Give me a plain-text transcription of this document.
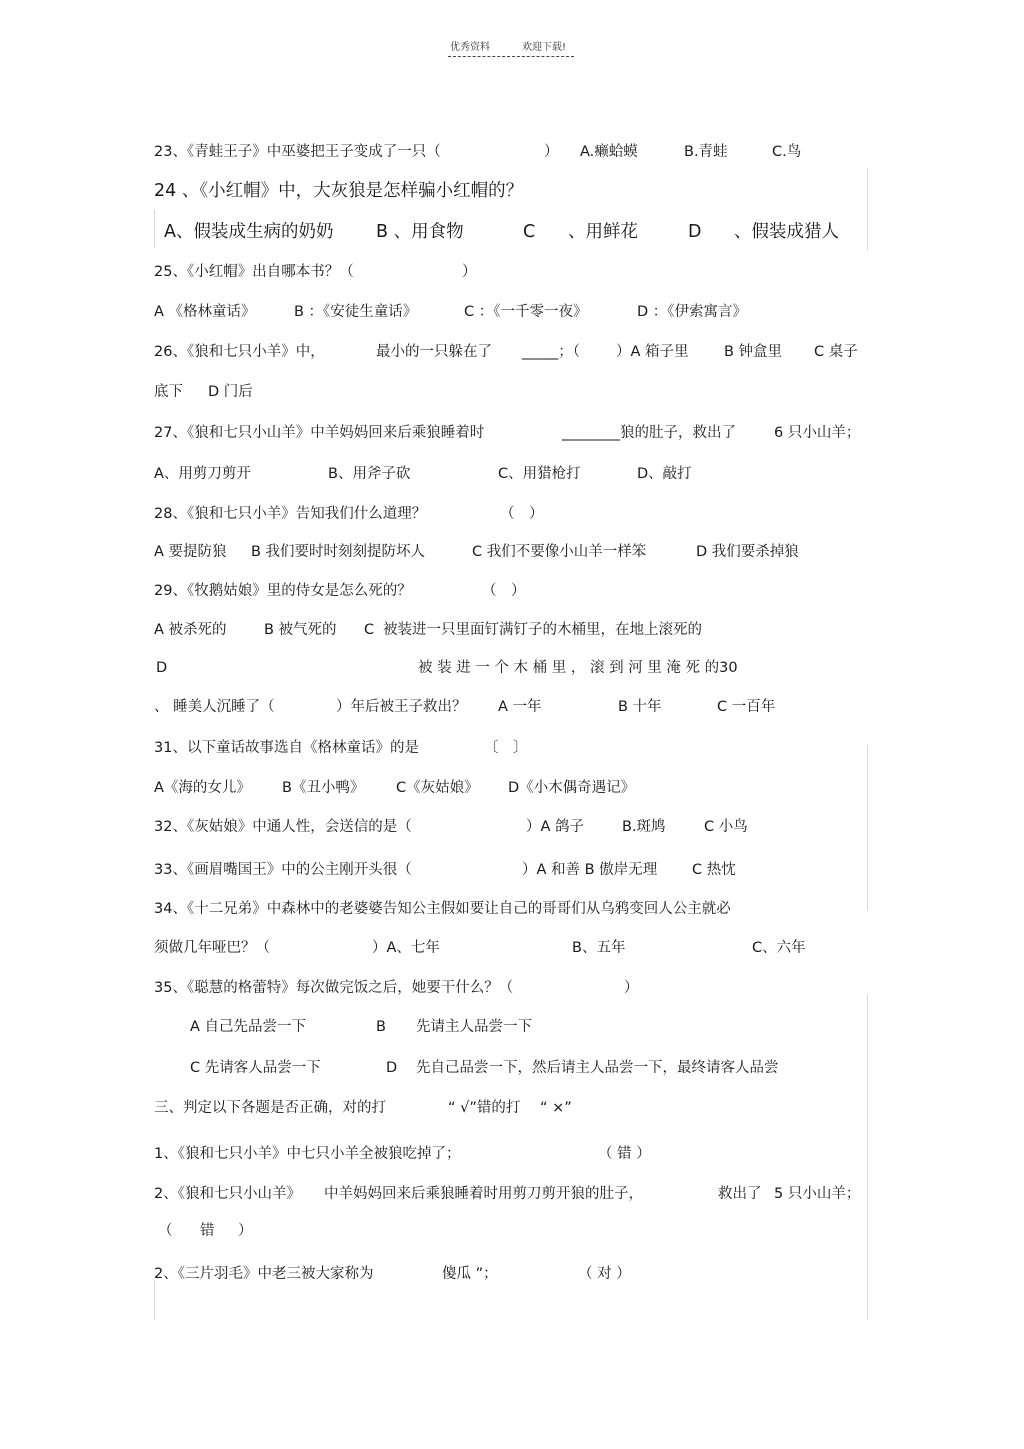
优秀资料	欢迎下载!
23、《青蛙王子》中巫婆把王子变成了一只（	） A.癞蛤蟆	B.青蛙	C.鸟
24 、《小红帽》中，大灰狼是怎样骗小红帽的？
A、假装成生病的奶奶 B 、用食物	C 、用鲜花	D 、假装成猎人
25、《小红帽》出自哪本书？（	）
A 《格林童话》	B ：《安徒生童话》	C ：《一千零一夜》	D ：《伊索寓言》
26、《狼和七只小羊》中，	最小的一只躲在了 _____；（ ）A 箱子里 B 钟盒里 C 桌子
底下 D 门后
27、《狼和七只小山羊》中羊妈妈回来后乘狼睡着时	________狼的肚子，救出了	6 只小山羊；
A、用剪刀剪开	B、用斧子砍	C、用猎枪打	D、敲打
28、《狼和七只小羊》告知我们什么道理？	（　）
A 要提防狼 B 我们要时时刻刻提防坏人	C 我们不要像小山羊一样笨	D 我们要杀掉狼
29、《牧鹅姑娘》里的侍女是怎么死的？	（　）
A 被杀死的	B 被气死的 C 被装进一只里面钉满钉子的木桶里，在地上滚死的
D	被 装 进 一 个 木 桶 里 ， 滚 到 河 里 淹 死 的30
、 睡美人沉睡了（	）年后被王子救出？ A 一年	B 十年	C 一百年
31、以下童话故事选自《格林童话》的是	〔　〕
A《海的女儿》 B《丑小鸭》 C《灰姑娘》 D《小木偶奇遇记》
32、《灰姑娘》中通人性，会送信的是（	）A 鸽子	B.斑鸠	C 小鸟
33、《画眉嘴国王》中的公主刚开头很（	）A 和善 B 傲岸无理 C 热忱
34、《十二兄弟》中森林中的老婆婆告知公主假如要让自己的哥哥们从乌鸦变回人公主就必
须做几年哑巴？（	）A、七年	B、五年	C、六年
35、《聪慧的格蕾特》每次做完饭之后，她要干什么？（	）
A 自己先品尝一下	B 先请主人品尝一下
C 先请客人品尝一下	D 先自己品尝一下，然后请主人品尝一下，最终请客人品尝
三、判定以下各题是否正确，对的打	“ √”错的打 “ ×”
1、《狼和七只小羊》中七只小羊全被狼吃掉了；	（ 错 ）
2、《狼和七只小山羊》 中羊妈妈回来后乘狼睡着时用剪刀剪开狼的肚子，	救出了 5 只小山羊；
（ 错 ）
2、《三片羽毛》中老三被大家称为	傻瓜 ”；	（ 对 ）
